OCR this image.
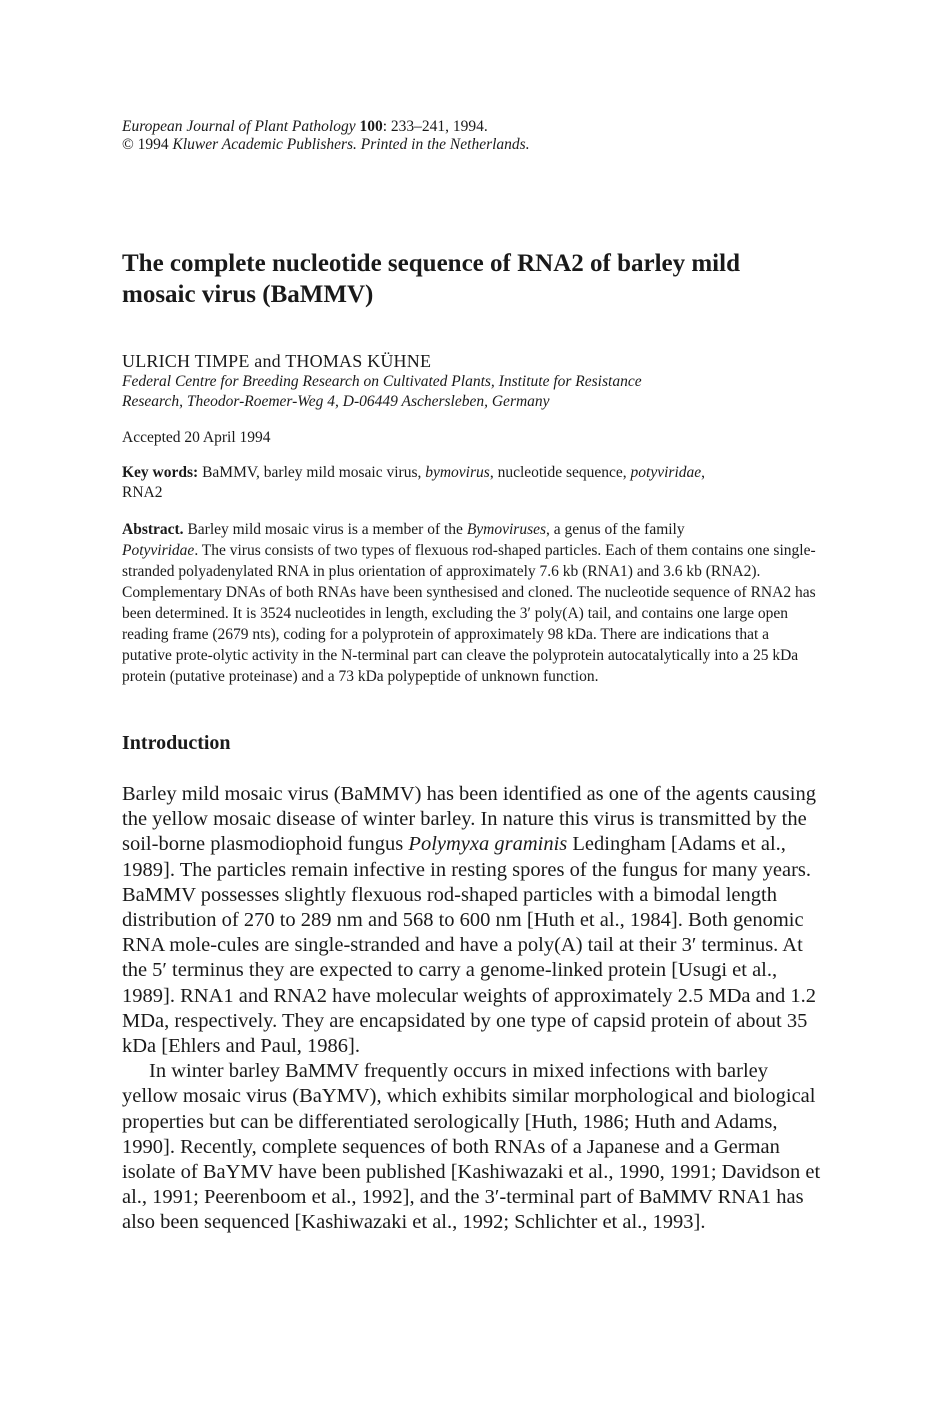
European Journal of Plant Pathology 100: 233–241, 1994.
© 1994 Kluwer Academic Publishers. Printed in the Netherlands.
The complete nucleotide sequence of RNA2 of barley mild
mosaic virus (BaMMV)
ULRICH TIMPE and THOMAS KÜHNE
Federal Centre for Breeding Research on Cultivated Plants, Institute for Resistance
Research, Theodor-Roemer-Weg 4, D-06449 Aschersleben, Germany
Accepted 20 April 1994
Key words: BaMMV, barley mild mosaic virus, bymovirus, nucleotide sequence, potyviridae,
RNA2
Abstract. Barley mild mosaic virus is a member of the Bymoviruses, a genus of the family
Potyviridae. The virus consists of two types of flexuous rod-shaped particles. Each of them contains one single-stranded polyadenylated RNA in plus orientation of approximately 7.6 kb (RNA1) and 3.6 kb (RNA2). Complementary DNAs of both RNAs have been synthesised and cloned. The nucleotide sequence of RNA2 has been determined. It is 3524 nucleotides in length, excluding the 3′ poly(A) tail, and contains one large open reading frame (2679 nts), coding for a polyprotein of approximately 98 kDa. There are indications that a putative prote-olytic activity in the N-terminal part can cleave the polyprotein autocatalytically into a 25 kDa protein (putative proteinase) and a 73 kDa polypeptide of unknown function.
Introduction

Barley mild mosaic virus (BaMMV) has been identified as one of the agents causing the yellow mosaic disease of winter barley. In nature this virus is transmitted by the soil-borne plasmodiophoid fungus Polymyxa graminis Ledingham [Adams et al., 1989]. The particles remain infective in resting spores of the fungus for many years. BaMMV possesses slightly flexuous rod-shaped particles with a bimodal length distribution of 270 to 289 nm and 568 to 600 nm [Huth et al., 1984]. Both genomic RNA mole-cules are single-stranded and have a poly(A) tail at their 3′ terminus. At the 5′ terminus they are expected to carry a genome-linked protein [Usugi et al., 1989]. RNA1 and RNA2 have molecular weights of approximately 2.5 MDa and 1.2 MDa, respectively. They are encapsidated by one type of capsid protein of about 35 kDa [Ehlers and Paul, 1986].

In winter barley BaMMV frequently occurs in mixed infections with barley yellow mosaic virus (BaYMV), which exhibits similar morphological and biological properties but can be differentiated serologically [Huth, 1986; Huth and Adams, 1990]. Recently, complete sequences of both RNAs of a Japanese and a German isolate of BaYMV have been published [Kashiwazaki et al., 1990, 1991; Davidson et al., 1991; Peerenboom et al., 1992], and the 3′-terminal part of BaMMV RNA1 has also been sequenced [Kashiwazaki et al., 1992; Schlichter et al., 1993].
